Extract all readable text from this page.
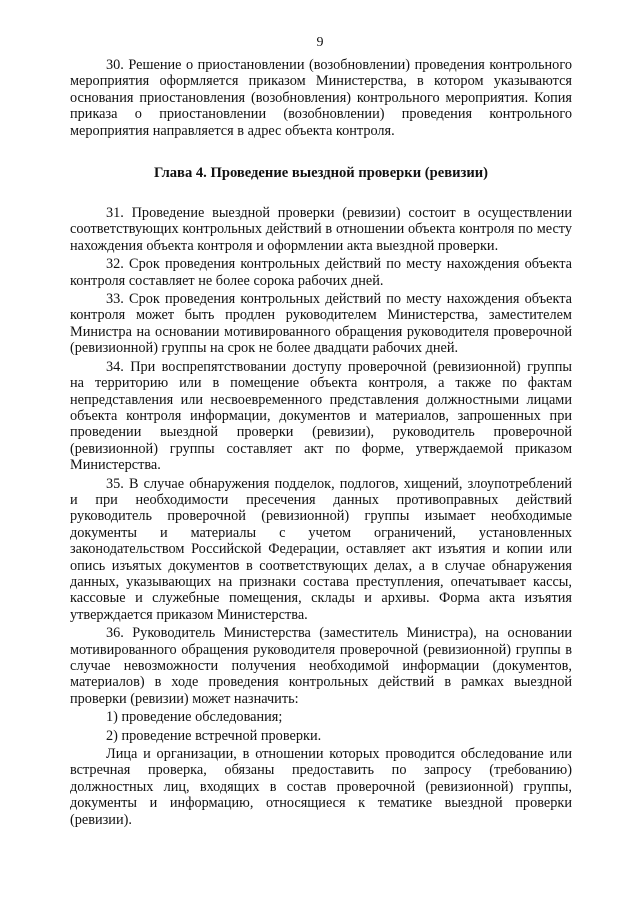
9

30. Решение о приостановлении (возобновлении) проведения контрольного мероприятия оформляется приказом Министерства, в котором указываются основания приостановления (возобновления) контрольного мероприятия. Копия приказа о приостановлении (возобновлении) проведения контрольного мероприятия направляется в адрес объекта контроля.

Глава 4. Проведение выездной проверки (ревизии)

31. Проведение выездной проверки (ревизии) состоит в осуществлении соответствующих контрольных действий в отношении объекта контроля по месту нахождения объекта контроля и оформлении акта выездной проверки.

32. Срок проведения контрольных действий по месту нахождения объекта контроля составляет не более сорока рабочих дней.

33. Срок проведения контрольных действий по месту нахождения объекта контроля может быть продлен руководителем Министерства, заместителем Министра на основании мотивированного обращения руководителя проверочной (ревизионной) группы на срок не более двадцати рабочих дней.

34. При воспрепятствовании доступу проверочной (ревизионной) группы на территорию или в помещение объекта контроля, а также по фактам непредставления или несвоевременного представления должностными лицами объекта контроля информации, документов и материалов, запрошенных при проведении выездной проверки (ревизии), руководитель проверочной (ревизионной) группы составляет акт по форме, утверждаемой приказом Министерства.

35. В случае обнаружения подделок, подлогов, хищений, злоупотреблений и при необходимости пресечения данных противоправных действий руководитель проверочной (ревизионной) группы изымает необходимые документы и материалы с учетом ограничений, установленных законодательством Российской Федерации, оставляет акт изъятия и копии или опись изъятых документов в соответствующих делах, а в случае обнаружения данных, указывающих на признаки состава преступления, опечатывает кассы, кассовые и служебные помещения, склады и архивы. Форма акта изъятия утверждается приказом Министерства.

36. Руководитель Министерства (заместитель Министра), на основании мотивированного обращения руководителя проверочной (ревизионной) группы в случае невозможности получения необходимой информации (документов, материалов) в ходе проведения контрольных действий в рамках выездной проверки (ревизии) может назначить:

1) проведение обследования;

2) проведение встречной проверки.

Лица и организации, в отношении которых проводится обследование или встречная проверка, обязаны предоставить по запросу (требованию) должностных лиц, входящих в состав проверочной (ревизионной) группы, документы и информацию, относящиеся к тематике выездной проверки (ревизии).
